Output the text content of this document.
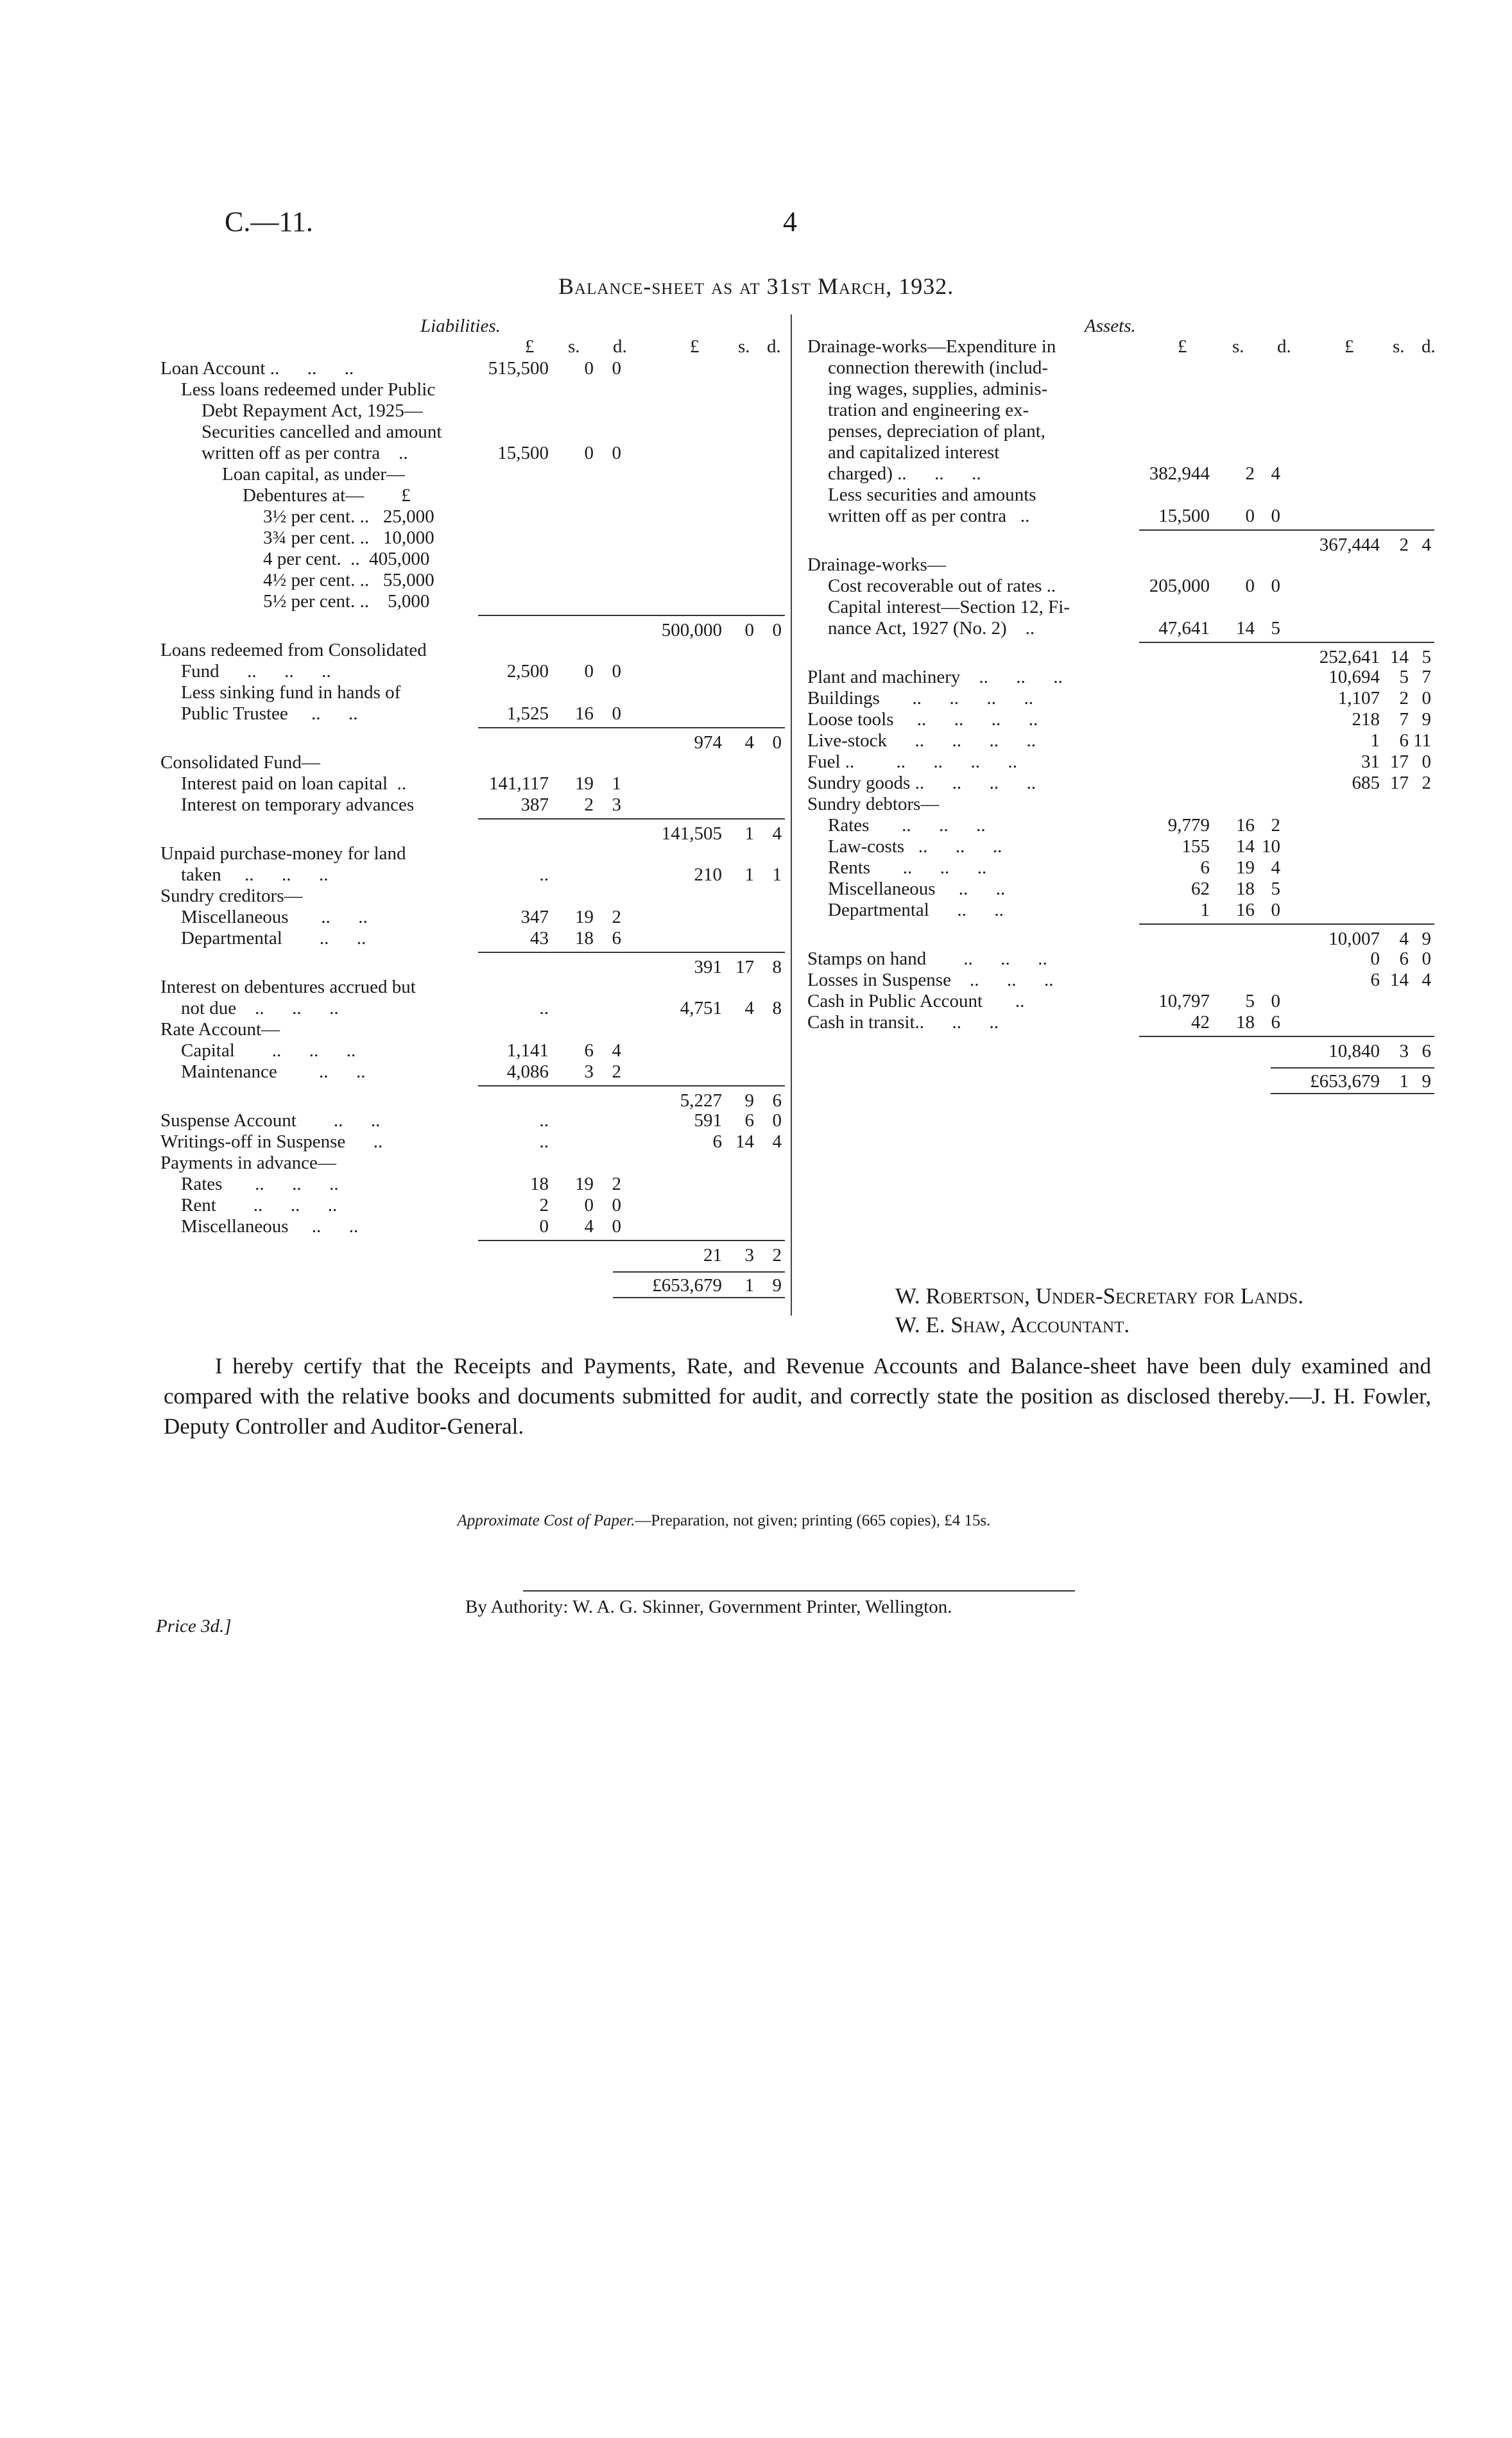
C.—11.	4
Balance-sheet as at 31st March, 1932.
Liabilities.
£ s. d.	£ s. d.
Loan Account ..      ..      ..	515,500	0 0
Less loans redeemed under Public
Debt Repayment Act, 1925—
Securities cancelled and amount
written off as per contra    ..	15,500	0 0
Loan capital, as under—
Debentures at—        £
3½ per cent. ..   25,000
3¾ per cent. ..   10,000
4 per cent.  ..  405,000
4½ per cent. ..   55,000
5½ per cent. ..    5,000
500,000	0 0
Loans redeemed from Consolidated
Fund      ..      ..      ..	2,500	0 0
Less sinking fund in hands of
Public Trustee     ..      ..	1,525	16 0
974	4 0
Consolidated Fund—
Interest paid on loan capital  ..	141,117	19 1
Interest on temporary advances	387	2 3
141,505	1 4
Unpaid purchase-money for land
taken     ..      ..      ..	..	210	1 1
Sundry creditors—
Miscellaneous       ..      ..	347	19 2
Departmental        ..      ..	43	18 6
391 17 8
Interest on debentures accrued but
not due    ..      ..      ..	..	4,751	4 8
Rate Account—
Capital        ..      ..      ..	1,141	6 4
Maintenance         ..      ..	4,086	3 2
5,227	9 6
Suspense Account        ..      ..	..	591	6 0
Writings-off in Suspense      ..	..	6 14 4
Payments in advance—
Rates       ..      ..      ..	18	19 2
Rent        ..      ..      ..	2	0 0
Miscellaneous     ..      ..	0	4 0
21	3 2
£653,679	1 9
Assets.
£ s. d.	£ s. d.
Drainage-works—Expenditure in
connection therewith (includ-
ing wages, supplies, adminis-
tration and engineering ex-
penses, depreciation of plant,
and capitalized interest
charged) ..      ..      ..	382,944	2 4
Less securities and amounts
written off as per contra   ..	15,500	0 0
367,444	2 4
Drainage-works—
Cost recoverable out of rates ..	205,000	0 0
Capital interest—Section 12, Fi-
nance Act, 1927 (No. 2)    ..	47,641	14 5
252,641 14 5
Plant and machinery    ..      ..      ..	10,694	5 7
Buildings       ..      ..      ..      ..	1,107	2 0
Loose tools     ..      ..      ..      ..	218	7 9
Live-stock      ..      ..      ..      ..	1	6 11
Fuel ..         ..      ..      ..      ..	31 17 0
Sundry goods ..      ..      ..      ..	685 17 2
Sundry debtors—
Rates       ..      ..      ..	9,779	16 2
Law-costs   ..      ..      ..	155	14 10
Rents       ..      ..      ..	6	19 4
Miscellaneous     ..      ..	62	18 5
Departmental      ..      ..	1	16 0
10,007	4 9
Stamps on hand        ..      ..      ..	0	6 0
Losses in Suspense    ..      ..      ..	6 14 4
Cash in Public Account       ..	10,797	5 0
Cash in transit..      ..      ..	42	18 6
10,840	3 6
£653,679	1 9
W. Robertson, Under-Secretary for Lands.
W. E. Shaw, Accountant.
I hereby certify that the Receipts and Payments, Rate, and Revenue Accounts and Balance-sheet have been duly examined and compared with the relative books and documents submitted for audit, and correctly state the position as disclosed thereby.—J. H. Fowler, Deputy Controller and Auditor-General.

Approximate Cost of Paper.—Preparation, not given; printing (665 copies), £4 15s.

By Authority: W. A. G. Skinner, Government Printer, Wellington.
Price 3d.]
